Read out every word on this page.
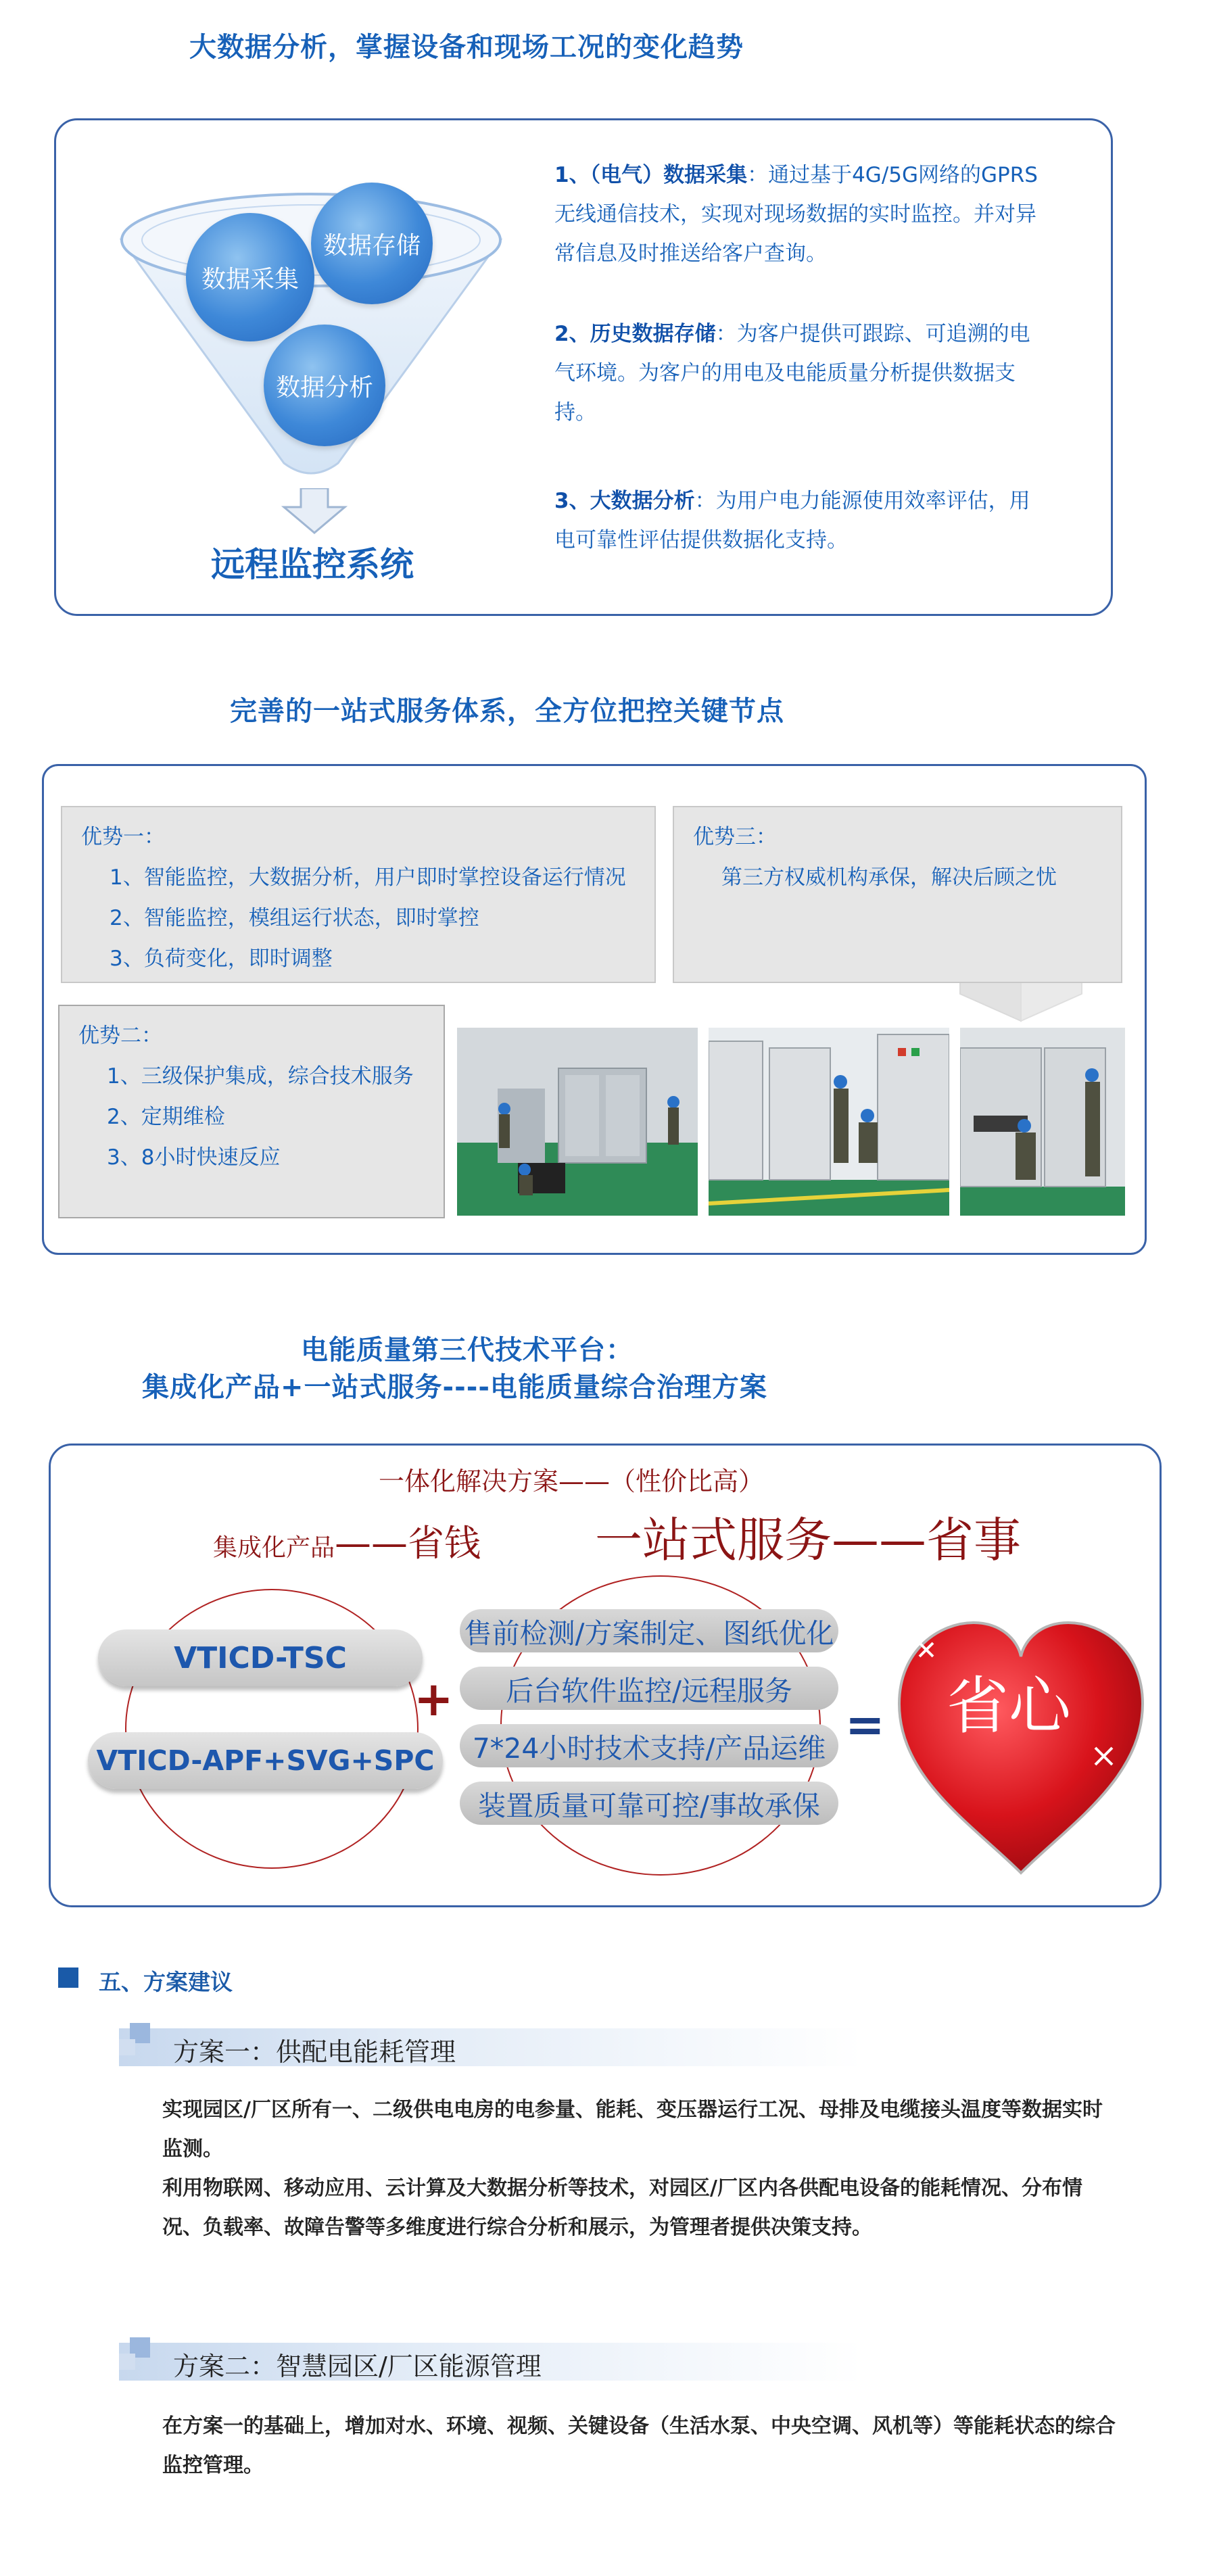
大数据分析，掌握设备和现场工况的变化趋势
数据采集
数据存储
数据分析
远程监控系统
1、（电气）数据采集：通过基于4G/5G网络的GPRS无线通信技术，实现对现场数据的实时监控。并对异常信息及时推送给客户查询。
2、历史数据存储：为客户提供可跟踪、可追溯的电气环境。为客户的用电及电能质量分析提供数据支持。
3、大数据分析：为用户电力能源使用效率评估，用电可靠性评估提供数据化支持。
完善的一站式服务体系，全方位把控关键节点
优势一：
1、智能监控，大数据分析，用户即时掌控设备运行情况
2、智能监控，模组运行状态，即时掌控
3、负荷变化，即时调整
优势三：
第三方权威机构承保，解决后顾之忧
优势二：
1、三级保护集成，综合技术服务
2、定期维检
3、8小时快速反应
电能质量第三代技术平台：
集成化产品+一站式服务----电能质量综合治理方案
一体化解决方案——（性价比高）
集成化产品——省钱 一站式服务——省事
VTICD-TSC
VTICD-APF+SVG+SPC
+
售前检测/方案制定、图纸优化
后台软件监控/远程服务
7*24小时技术支持/产品运维
装置质量可靠可控/事故承保
= 省心
五、方案建议
方案一：供配电能耗管理
实现园区/厂区所有一、二级供电电房的电参量、能耗、变压器运行工况、母排及电缆接头温度等数据实时监测。
利用物联网、移动应用、云计算及大数据分析等技术，对园区/厂区内各供配电设备的能耗情况、分布情况、负载率、故障告警等多维度进行综合分析和展示，为管理者提供决策支持。
方案二：智慧园区/厂区能源管理
在方案一的基础上，增加对水、环境、视频、关键设备（生活水泵、中央空调、风机等）等能耗状态的综合监控管理。
